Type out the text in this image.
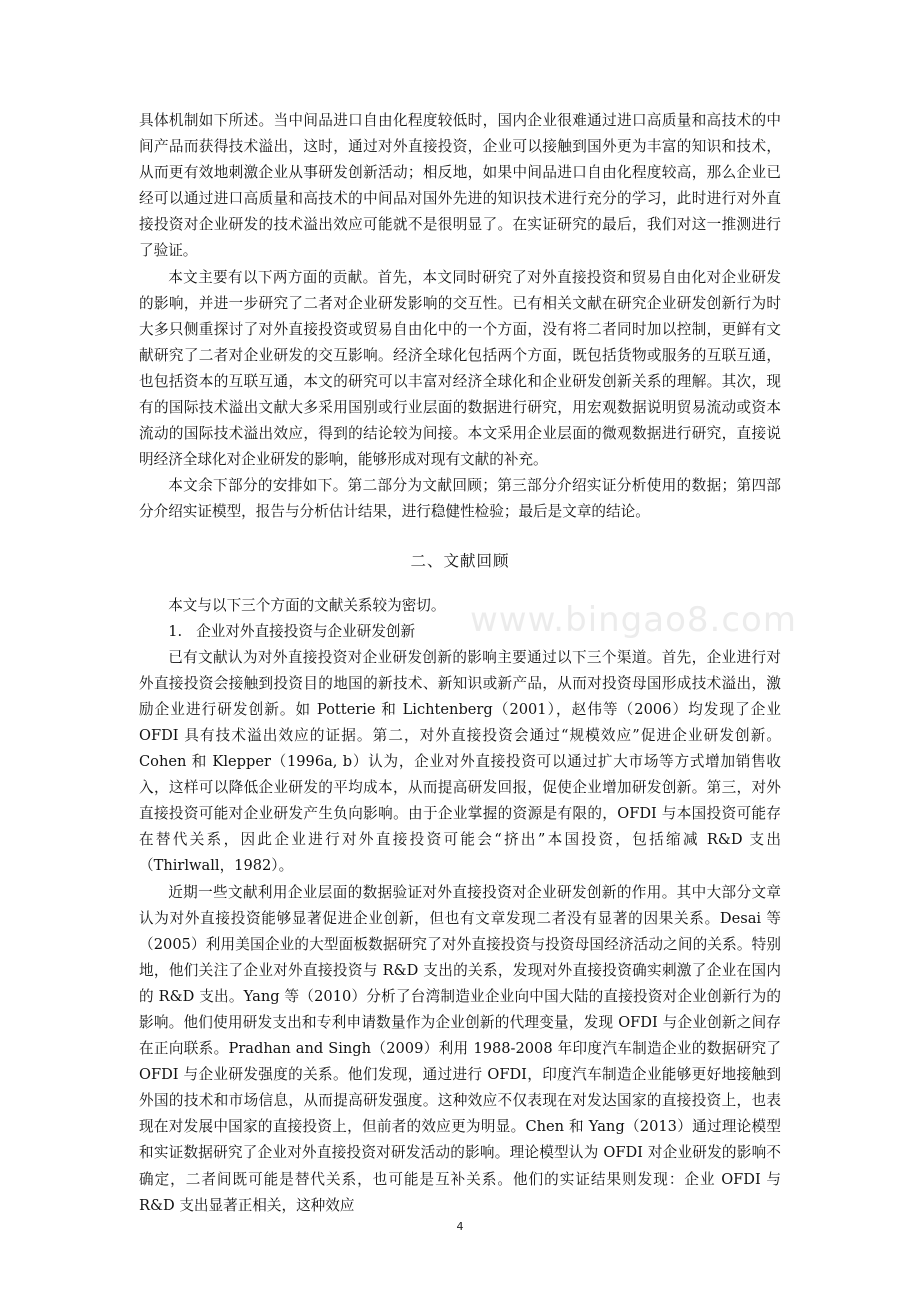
具体机制如下所述。当中间品进口自由化程度较低时，国内企业很难通过进口高质量和高技术的中间产品而获得技术溢出，这时，通过对外直接投资，企业可以接触到国外更为丰富的知识和技术，从而更有效地刺激企业从事研发创新活动；相反地，如果中间品进口自由化程度较高，那么企业已经可以通过进口高质量和高技术的中间品对国外先进的知识技术进行充分的学习，此时进行对外直接投资对企业研发的技术溢出效应可能就不是很明显了。在实证研究的最后，我们对这一推测进行了验证。

本文主要有以下两方面的贡献。首先，本文同时研究了对外直接投资和贸易自由化对企业研发的影响，并进一步研究了二者对企业研发影响的交互性。已有相关文献在研究企业研发创新行为时大多只侧重探讨了对外直接投资或贸易自由化中的一个方面，没有将二者同时加以控制，更鲜有文献研究了二者对企业研发的交互影响。经济全球化包括两个方面，既包括货物或服务的互联互通，也包括资本的互联互通，本文的研究可以丰富对经济全球化和企业研发创新关系的理解。其次，现有的国际技术溢出文献大多采用国别或行业层面的数据进行研究，用宏观数据说明贸易流动或资本流动的国际技术溢出效应，得到的结论较为间接。本文采用企业层面的微观数据进行研究，直接说明经济全球化对企业研发的影响，能够形成对现有文献的补充。

本文余下部分的安排如下。第二部分为文献回顾；第三部分介绍实证分析使用的数据；第四部分介绍实证模型，报告与分析估计结果，进行稳健性检验；最后是文章的结论。

二、文献回顾

本文与以下三个方面的文献关系较为密切。

1. 企业对外直接投资与企业研发创新

已有文献认为对外直接投资对企业研发创新的影响主要通过以下三个渠道。首先，企业进行对外直接投资会接触到投资目的地国的新技术、新知识或新产品，从而对投资母国形成技术溢出，激励企业进行研发创新。如 Potterie 和 Lichtenberg（2001），赵伟等（2006）均发现了企业 OFDI 具有技术溢出效应的证据。第二，对外直接投资会通过“规模效应”促进企业研发创新。Cohen 和 Klepper（1996a, b）认为，企业对外直接投资可以通过扩大市场等方式增加销售收入，这样可以降低企业研发的平均成本，从而提高研发回报，促使企业增加研发创新。第三，对外直接投资可能对企业研发产生负向影响。由于企业掌握的资源是有限的，OFDI 与本国投资可能存在替代关系，因此企业进行对外直接投资可能会“挤出”本国投资，包括缩减 R&D 支出（Thirlwall，1982）。

近期一些文献利用企业层面的数据验证对外直接投资对企业研发创新的作用。其中大部分文章认为对外直接投资能够显著促进企业创新，但也有文章发现二者没有显著的因果关系。Desai 等（2005）利用美国企业的大型面板数据研究了对外直接投资与投资母国经济活动之间的关系。特别地，他们关注了企业对外直接投资与 R&D 支出的关系，发现对外直接投资确实刺激了企业在国内的 R&D 支出。Yang 等（2010）分析了台湾制造业企业向中国大陆的直接投资对企业创新行为的影响。他们使用研发支出和专利申请数量作为企业创新的代理变量，发现 OFDI 与企业创新之间存在正向联系。Pradhan and Singh（2009）利用 1988-2008 年印度汽车制造企业的数据研究了 OFDI 与企业研发强度的关系。他们发现，通过进行 OFDI，印度汽车制造企业能够更好地接触到外国的技术和市场信息，从而提高研发强度。这种效应不仅表现在对发达国家的直接投资上，也表现在对发展中国家的直接投资上，但前者的效应更为明显。Chen 和 Yang（2013）通过理论模型和实证数据研究了企业对外直接投资对研发活动的影响。理论模型认为 OFDI 对企业研发的影响不确定，二者间既可能是替代关系，也可能是互补关系。他们的实证结果则发现：企业 OFDI 与 R&D 支出显著正相关，这种效应

www.bingao8.com
4
